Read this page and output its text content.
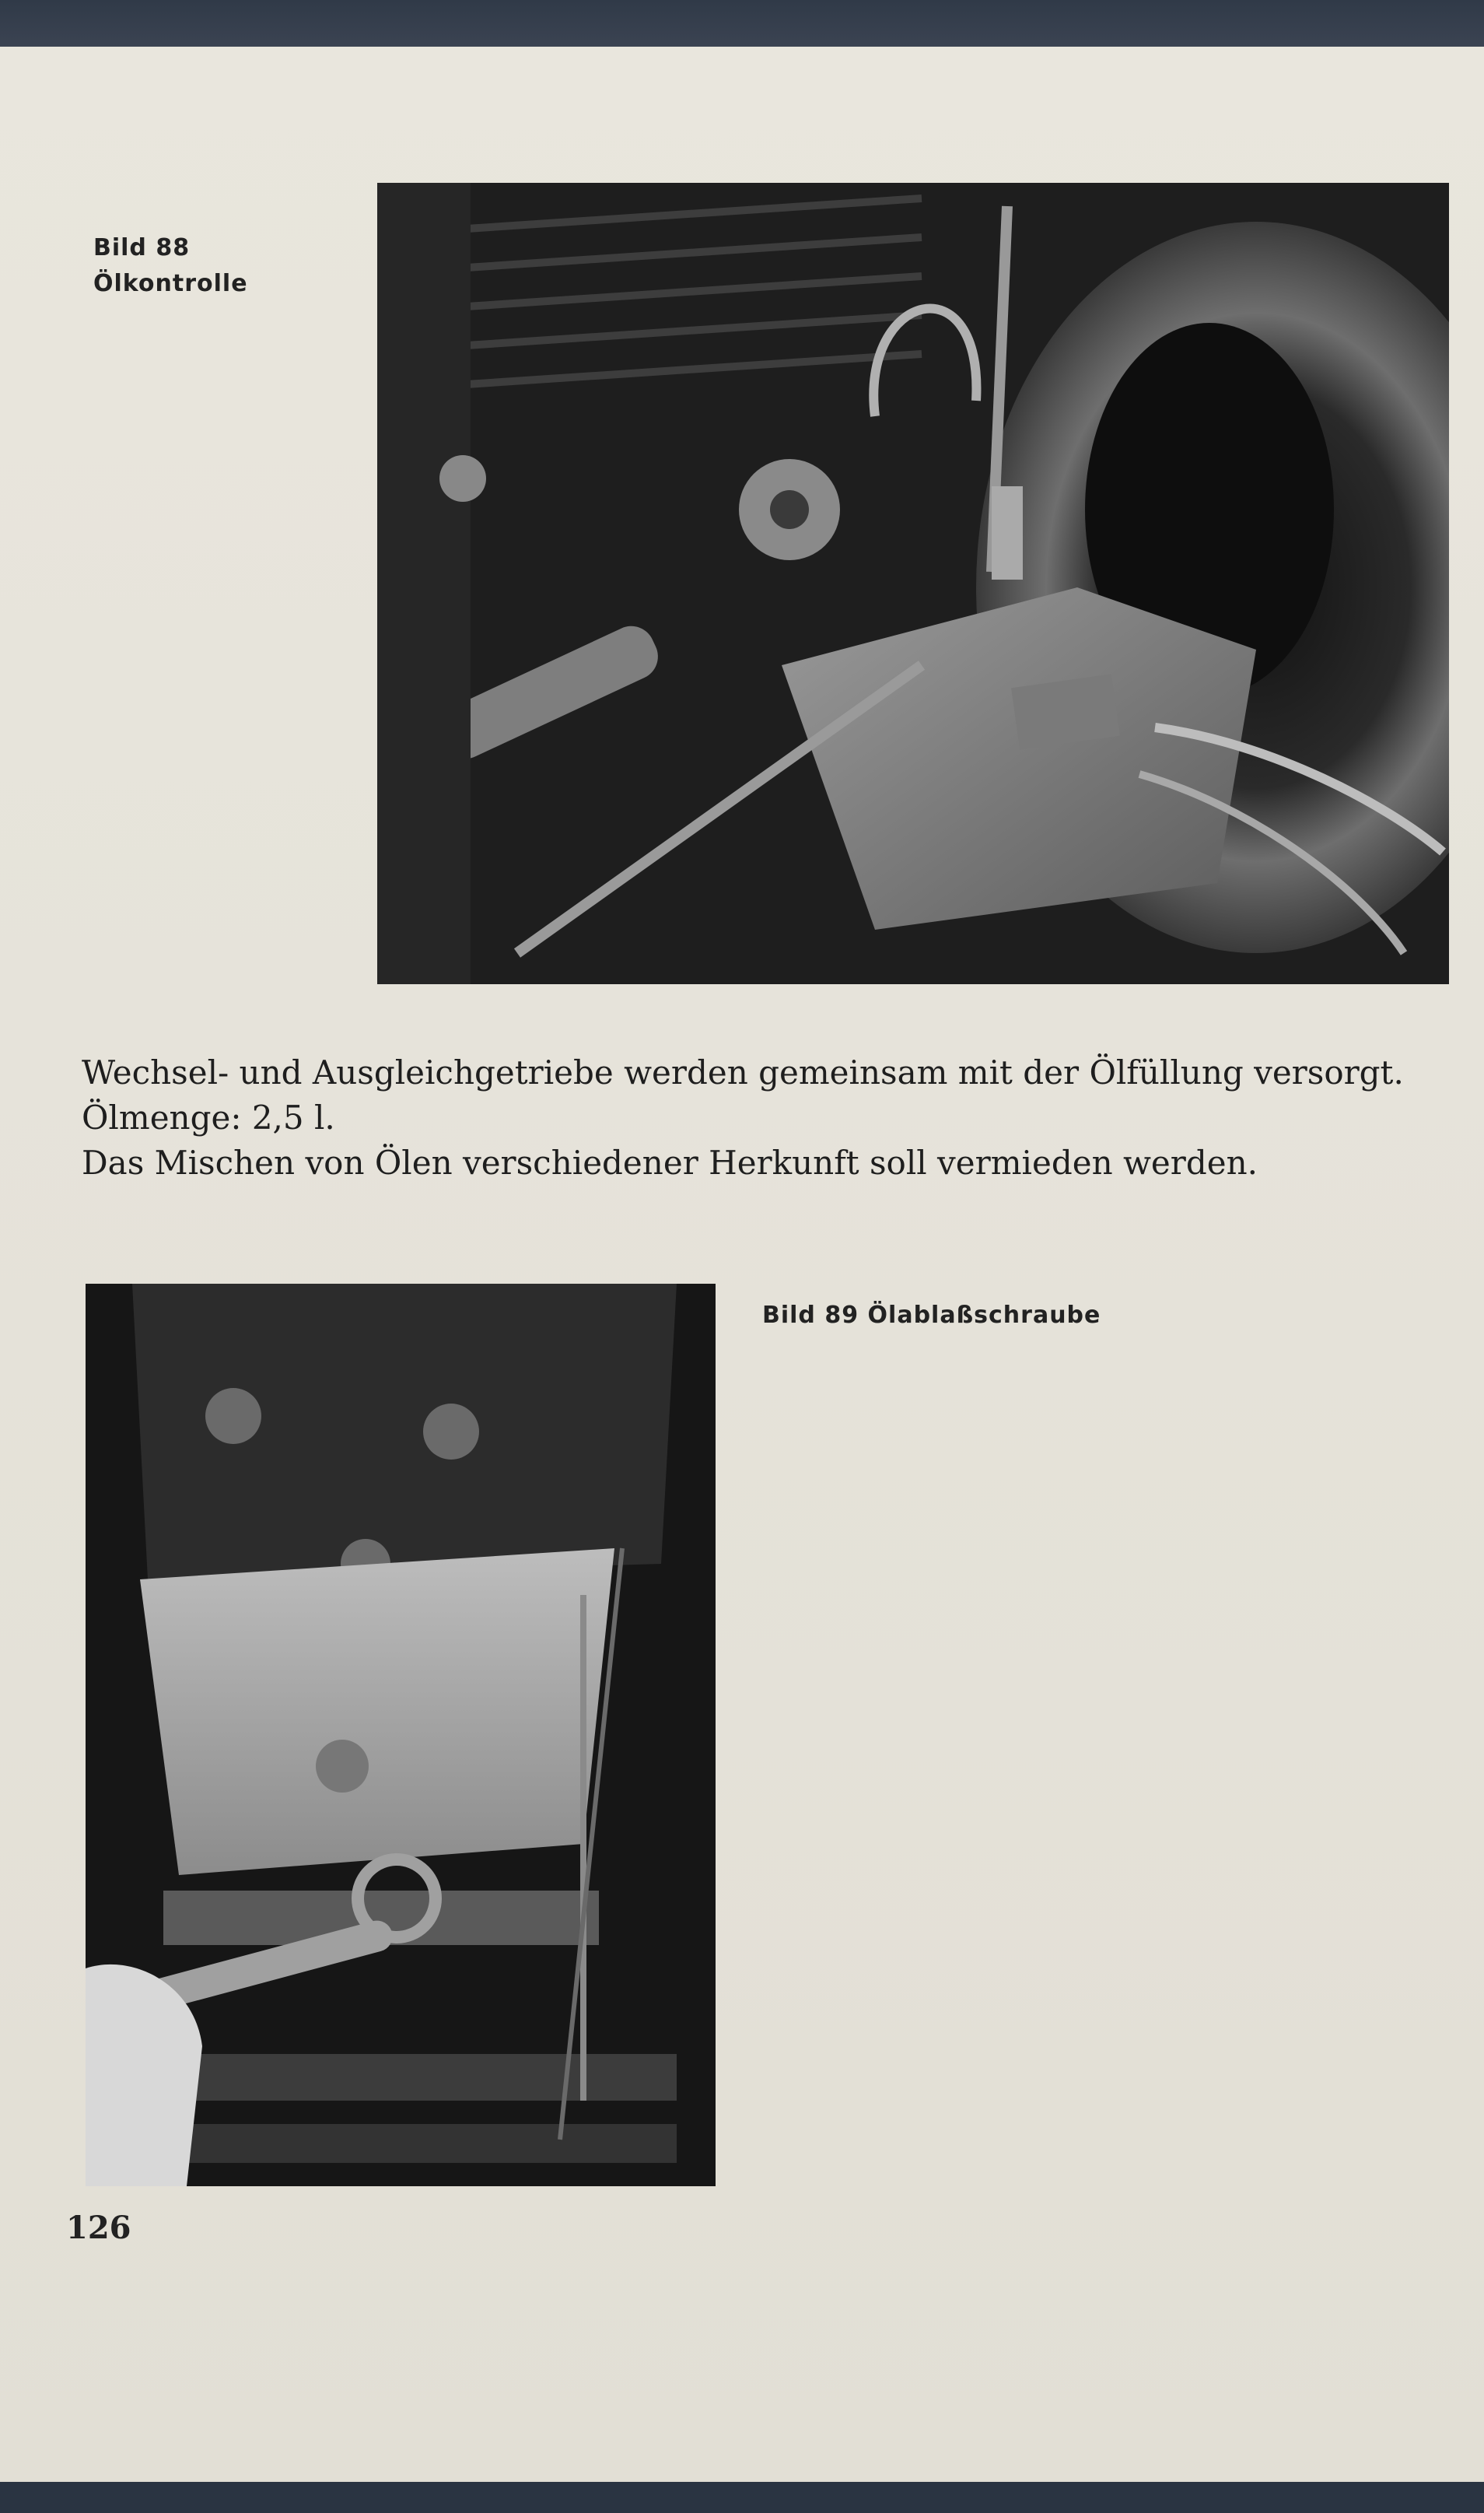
Bild 88
Ölkontrolle

Wechsel- und Ausgleichgetriebe werden gemeinsam mit der Ölfüllung versorgt.

Ölmenge: 2,5 l.

Das Mischen von Ölen verschiedener Herkunft soll vermieden werden.

Bild 89 Ölablaßschraube
126
